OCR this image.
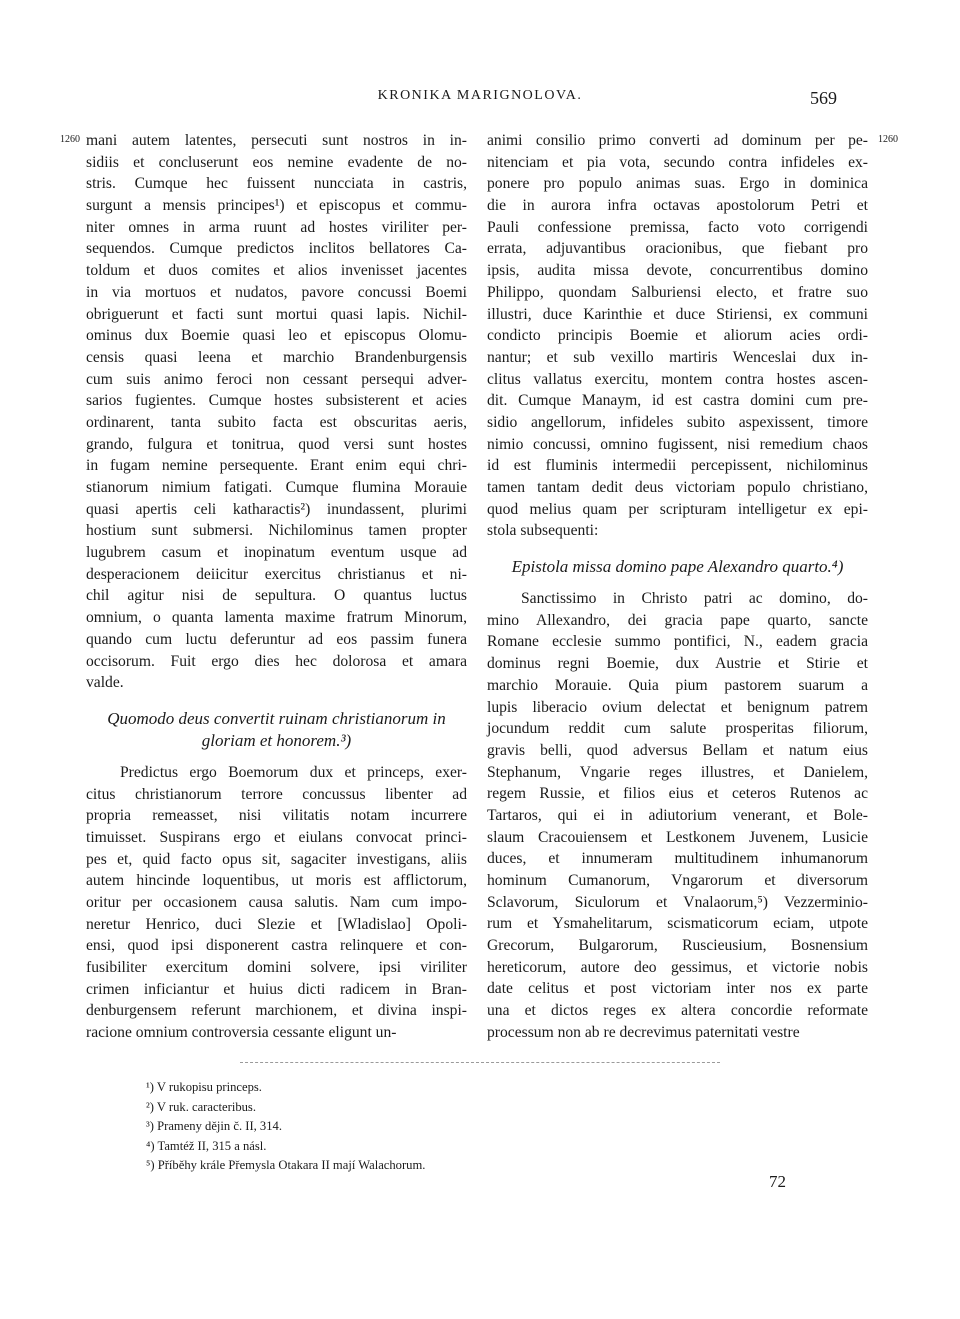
KRONIKA MARIGNOLOVA.	569
1260	1260
mani autem latentes, persecuti sunt nostros in in-
sidiis et concluserunt eos nemine evadente de no-
stris. Cumque hec fuissent nuncciata in castris,
surgunt a mensis principes¹) et episcopus et commu-
niter omnes in arma ruunt ad hostes viriliter per-
sequendos. Cumque predictos inclitos bellatores Ca-
toldum et duos comites et alios invenisset jacentes
in via mortuos et nudatos, pavore concussi Boemi
obriguerunt et facti sunt mortui quasi lapis. Nichil-
ominus dux Boemie quasi leo et episcopus Olomu-
censis quasi leena et marchio Brandenburgensis
cum suis animo feroci non cessant persequi adver-
sarios fugientes. Cumque hostes subsisterent et acies
ordinarent, tanta subito facta est obscuritas aeris,
grando, fulgura et tonitrua, quod versi sunt hostes
in fugam nemine persequente. Erant enim equi chri-
stianorum nimium fatigati. Cumque flumina Morauie
quasi apertis celi katharactis²) inundassent, plurimi
hostium sunt submersi. Nichilominus tamen propter
lugubrem casum et inopinatum eventum usque ad
desperacionem deiicitur exercitus christianus et ni-
chil agitur nisi de sepultura. O quantus luctus
omnium, o quanta lamenta maxime fratrum Minorum,
quando cum luctu deferuntur ad eos passim funera
occisorum. Fuit ergo dies hec dolorosa et amara
valde.
Quomodo deus convertit ruinam christianorum in
gloriam et honorem.³)
Predictus ergo Boemorum dux et princeps, exer-
citus christianorum terrore concussus libenter ad
propria remeasset, nisi vilitatis notam incurrere
timuisset. Suspirans ergo et eiulans convocat princi-
pes et, quid facto opus sit, sagaciter investigans, aliis
autem hincinde loquentibus, ut moris est afflictorum,
oritur per occasionem causa salutis. Nam cum impo-
neretur Henrico, duci Slezie et [Wladislao] Opoli-
ensi, quod ipsi disponerent castra relinquere et con-
fusibiliter exercitum domini solvere, ipsi viriliter
crimen inficiantur et huius dicti radicem in Bran-
denburgensem referunt marchionem, et divina inspi-
racione omnium controversia cessante eligunt un-
animi consilio primo converti ad dominum per pe-
nitenciam et pia vota, secundo contra infideles ex-
ponere pro populo animas suas. Ergo in dominica
die in aurora infra octavas apostolorum Petri et
Pauli confessione premissa, facto voto corrigendi
errata, adjuvantibus oracionibus, que fiebant pro
ipsis, audita missa devote, concurrentibus domino
Philippo, quondam Salburiensi electo, et fratre suo
illustri, duce Karinthie et duce Stiriensi, ex communi
condicto principis Boemie et aliorum acies ordi-
nantur; et sub vexillo martiris Wenceslai dux in-
clitus vallatus exercitu, montem contra hostes ascen-
dit. Cumque Manaym, id est castra domini cum pre-
sidio angellorum, infideles subito aspexissent, timore
nimio concussi, omnino fugissent, nisi remedium chaos
id est fluminis intermedii percepissent, nichilominus
tamen tantam dedit deus victoriam populo christiano,
quod melius quam per scripturam intelligetur ex epi-
stola subsequenti:
Epistola missa domino pape Alexandro quarto.⁴)
Sanctissimo in Christo patri ac domino, do-
mino Allexandro, dei gracia pape quarto, sancte
Romane ecclesie summo pontifici, N., eadem gracia
dominus regni Boemie, dux Austrie et Stirie et
marchio Morauie. Quia pium pastorem suarum a
lupis liberacio ovium delectat et benignum patrem
jocundum reddit cum salute prosperitas filiorum,
gravis belli, quod adversus Bellam et natum eius
Stephanum, Vngarie reges illustres, et Danielem,
regem Russie, et filios eius et ceteros Rutenos ac
Tartaros, qui ei in adiutorium venerant, et Bole-
slaum Cracouiensem et Lestkonem Juvenem, Lusicie
duces, et innumeram multitudinem inhumanorum
hominum Cumanorum, Vngarorum et diversorum
Sclavorum, Siculorum et Vnalaorum,⁵) Vezzerminio-
rum et Ysmahelitarum, scismaticorum eciam, utpote
Grecorum, Bulgarorum, Ruscieusium, Bosnensium
hereticorum, autore deo gessimus, et victorie nobis
date celitus et post victoriam inter nos ex parte
una et dictos reges ex altera concordie reformate
processum non ab re decrevimus paternitati vestre
¹) V rukopisu princeps.
²) V ruk. caracteribus.
³) Prameny dějin č. II, 314.
⁴) Tamtéž II, 315 a násl.
⁵) Příběhy krále Přemysla Otakara II mají Walachorum.
72
